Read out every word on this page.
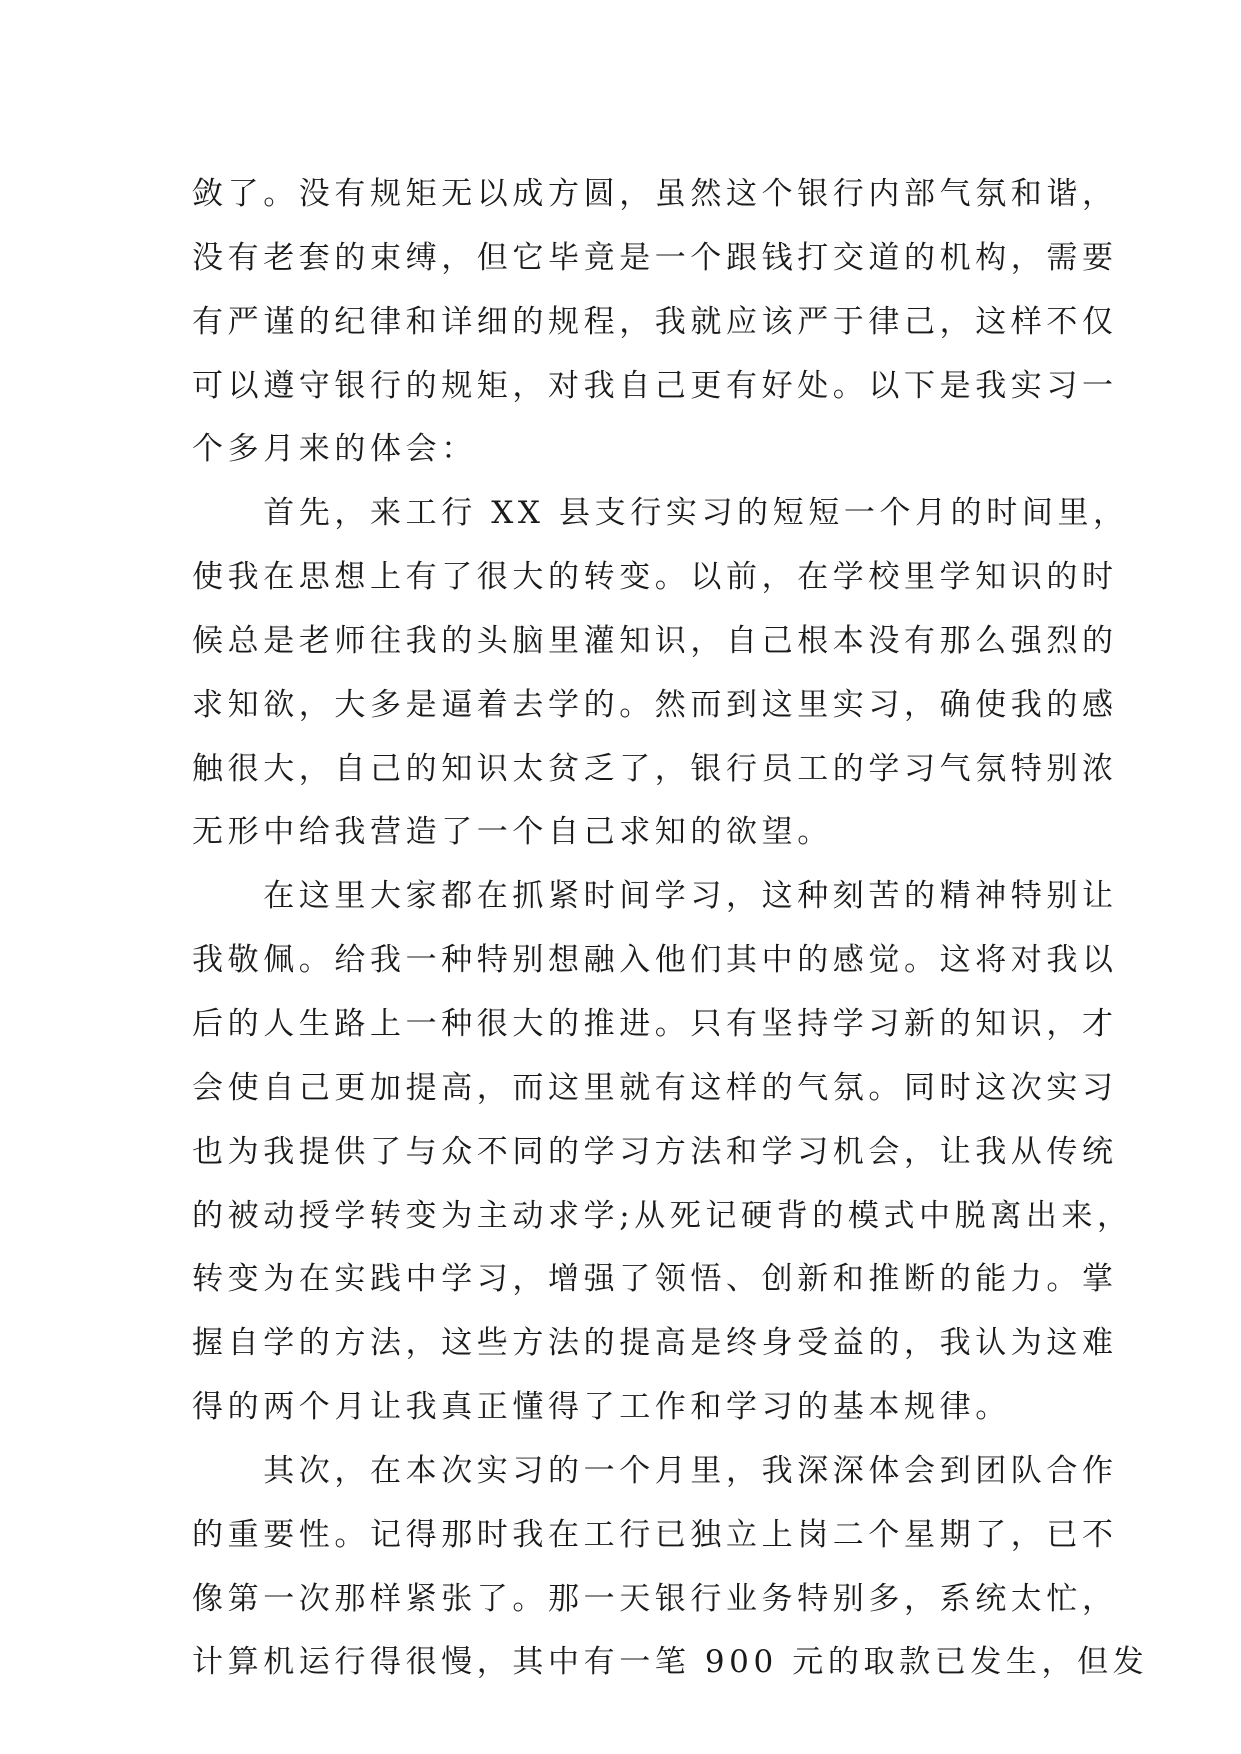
敛了。没有规矩无以成方圆，虽然这个银行内部气氛和谐，
没有老套的束缚，但它毕竟是一个跟钱打交道的机构，需要
有严谨的纪律和详细的规程，我就应该严于律己，这样不仅
可以遵守银行的规矩，对我自己更有好处。以下是我实习一
个多月来的体会：
　　首先，来工行 XX 县支行实习的短短一个月的时间里，
使我在思想上有了很大的转变。以前，在学校里学知识的时
候总是老师往我的头脑里灌知识，自己根本没有那么强烈的
求知欲，大多是逼着去学的。然而到这里实习，确使我的感
触很大，自己的知识太贫乏了，银行员工的学习气氛特别浓
无形中给我营造了一个自己求知的欲望。
　　在这里大家都在抓紧时间学习，这种刻苦的精神特别让
我敬佩。给我一种特别想融入他们其中的感觉。这将对我以
后的人生路上一种很大的推进。只有坚持学习新的知识，才
会使自己更加提高，而这里就有这样的气氛。同时这次实习
也为我提供了与众不同的学习方法和学习机会，让我从传统
的被动授学转变为主动求学;从死记硬背的模式中脱离出来，
转变为在实践中学习，增强了领悟、创新和推断的能力。掌
握自学的方法，这些方法的提高是终身受益的，我认为这难
得的两个月让我真正懂得了工作和学习的基本规律。
　　其次，在本次实习的一个月里，我深深体会到团队合作
的重要性。记得那时我在工行已独立上岗二个星期了，已不
像第一次那样紧张了。那一天银行业务特别多，系统太忙，
计算机运行得很慢，其中有一笔 900 元的取款已发生，但发
